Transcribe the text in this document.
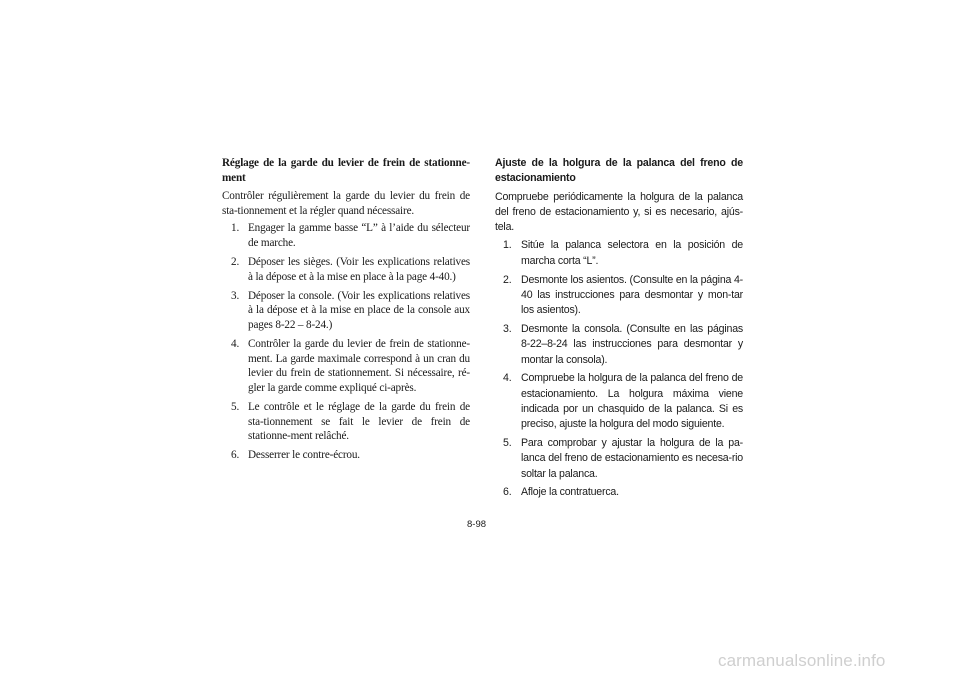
Réglage de la garde du levier de frein de stationne-ment

Contrôler régulièrement la garde du levier du frein de sta-tionnement et la régler quand nécessaire.

1. Engager la gamme basse “L” à l’aide du sélecteur de marche.
2. Déposer les sièges. (Voir les explications relatives à la dépose et à la mise en place à la page 4-40.)
3. Déposer la console. (Voir les explications relatives à la dépose et à la mise en place de la console aux pages 8-22 – 8-24.)
4. Contrôler la garde du levier de frein de stationne-ment. La garde maximale correspond à un cran du levier du frein de stationnement. Si nécessaire, ré-gler la garde comme expliqué ci-après.
5. Le contrôle et le réglage de la garde du frein de sta-tionnement se fait le levier de frein de stationne-ment relâché.
6. Desserrer le contre-écrou.

Ajuste de la holgura de la palanca del freno de estacionamiento

Compruebe periódicamente la holgura de la palanca del freno de estacionamiento y, si es necesario, ajús-tela.

1. Sitúe la palanca selectora en la posición de marcha corta “L”.
2. Desmonte los asientos. (Consulte en la página 4-40 las instrucciones para desmontar y mon-tar los asientos).
3. Desmonte la consola. (Consulte en las páginas 8-22–8-24 las instrucciones para desmontar y montar la consola).
4. Compruebe la holgura de la palanca del freno de estacionamiento. La holgura máxima viene indicada por un chasquido de la palanca. Si es preciso, ajuste la holgura del modo siguiente.
5. Para comprobar y ajustar la holgura de la pa-lanca del freno de estacionamiento es necesa-rio soltar la palanca.
6. Afloje la contratuerca.
8-98
carmanualsonline.info
